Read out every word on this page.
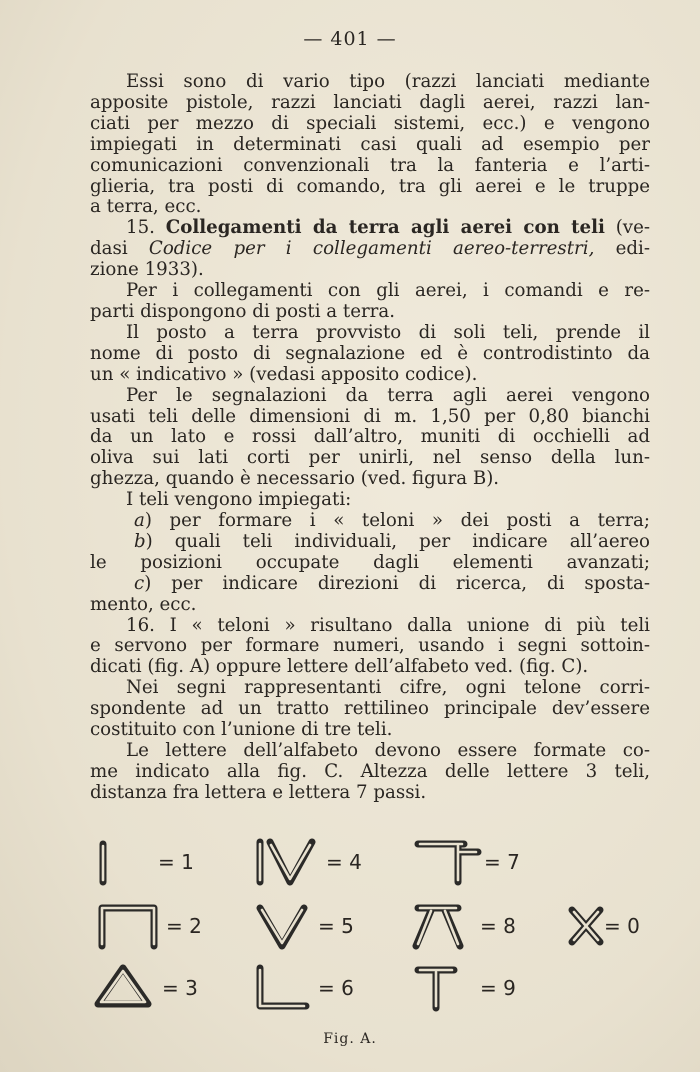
— 401 —

Essi sono di vario tipo (razzi lanciati mediante

apposite pistole, razzi lanciati dagli aerei, razzi lan-

ciati per mezzo di speciali sistemi, ecc.) e vengono

impiegati in determinati casi quali ad esempio per

comunicazioni convenzionali tra la fanteria e l’arti-

glieria, tra posti di comando, tra gli aerei e le truppe

a terra, ecc.

15. Collegamenti da terra agli aerei con teli (ve-

dasi Codice per i collegamenti aereo-terrestri, edi-

zione 1933).

Per i collegamenti con gli aerei, i comandi e re-

parti dispongono di posti a terra.

Il posto a terra provvisto di soli teli, prende il

nome di posto di segnalazione ed è controdistinto da

un « indicativo » (vedasi apposito codice).

Per le segnalazioni da terra agli aerei vengono

usati teli delle dimensioni di m. 1,50 per 0,80 bianchi

da un lato e rossi dall’altro, muniti di occhielli ad

oliva sui lati corti per unirli, nel senso della lun-

ghezza, quando è necessario (ved. figura B).

I teli vengono impiegati:

a) per formare i « teloni » dei posti a terra;

b) quali teli individuali, per indicare all’aereo

le posizioni occupate dagli elementi avanzati;

c) per indicare direzioni di ricerca, di sposta-

mento, ecc.

16. I « teloni » risultano dalla unione di più teli

e servono per formare numeri, usando i segni sottoin-

dicati (fig. A) oppure lettere dell’alfabeto ved. (fig. C).

Nei segni rappresentanti cifre, ogni telone corri-

spondente ad un tratto rettilineo principale dev’essere

costituito con l’unione di tre teli.

Le lettere dell’alfabeto devono essere formate co-

me indicato alla fig. C. Altezza delle lettere 3 teli,

distanza fra lettera e lettera 7 passi.

= 1	= 4	= 7
= 2	= 5	= 8	= 0
= 3	= 6	= 9
Fig. A.
